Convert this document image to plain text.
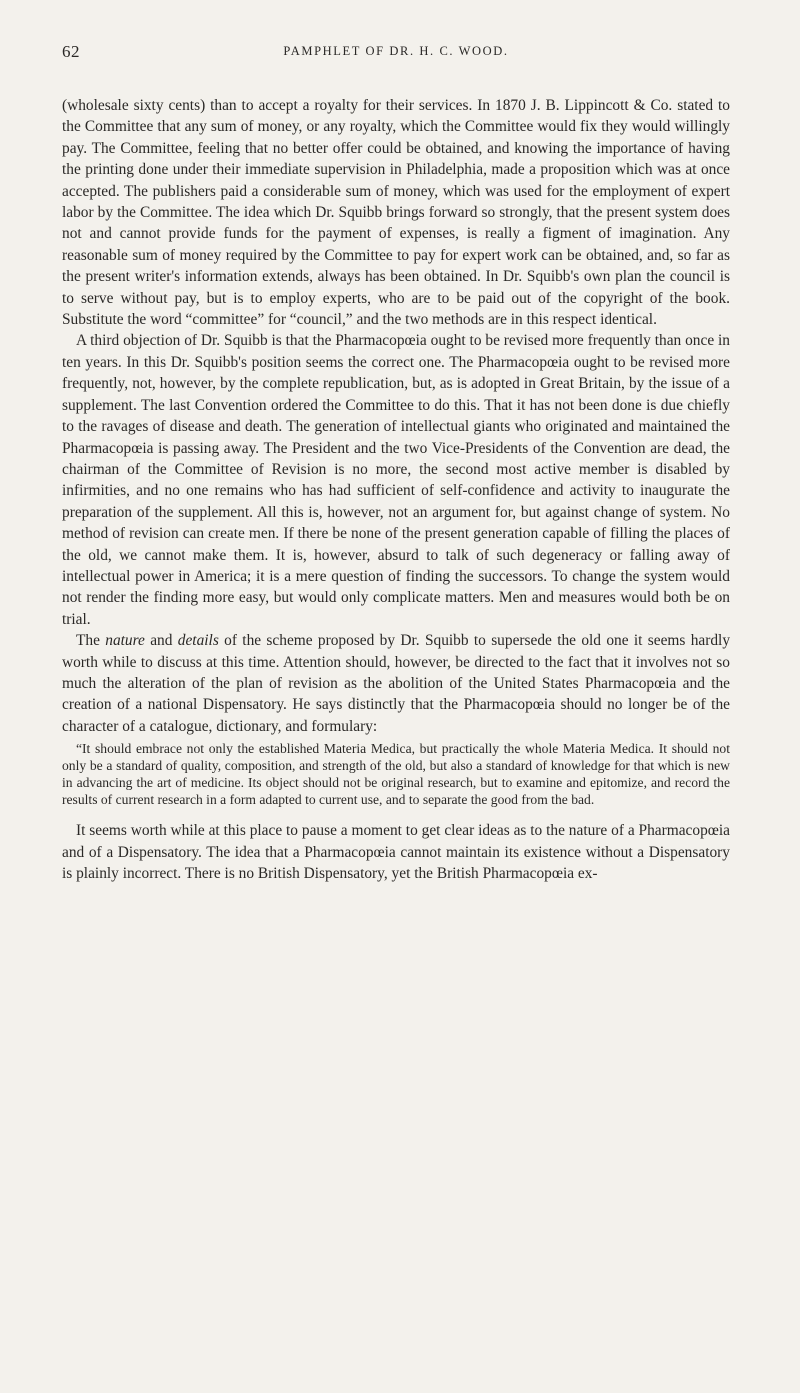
62	PAMPHLET OF DR. H. C. WOOD.

(wholesale sixty cents) than to accept a royalty for their services. In 1870 J. B. Lippincott & Co. stated to the Committee that any sum of money, or any royalty, which the Committee would fix they would willingly pay. The Committee, feeling that no better offer could be obtained, and knowing the importance of having the printing done under their immediate supervision in Philadelphia, made a proposition which was at once accepted. The publishers paid a considerable sum of money, which was used for the employment of expert labor by the Committee. The idea which Dr. Squibb brings forward so strongly, that the present system does not and cannot provide funds for the payment of expenses, is really a figment of imagination. Any reasonable sum of money required by the Committee to pay for expert work can be obtained, and, so far as the present writer's information extends, always has been obtained. In Dr. Squibb's own plan the council is to serve without pay, but is to employ experts, who are to be paid out of the copyright of the book. Substitute the word “committee” for “council,” and the two methods are in this respect identical.

A third objection of Dr. Squibb is that the Pharmacopœia ought to be revised more frequently than once in ten years. In this Dr. Squibb's position seems the correct one. The Pharmacopœia ought to be revised more frequently, not, however, by the complete republication, but, as is adopted in Great Britain, by the issue of a supplement. The last Convention ordered the Committee to do this. That it has not been done is due chiefly to the ravages of disease and death. The generation of intellectual giants who originated and maintained the Pharmacopœia is passing away. The President and the two Vice-Presidents of the Convention are dead, the chairman of the Committee of Revision is no more, the second most active member is disabled by infirmities, and no one remains who has had sufficient of self-confidence and activity to inaugurate the preparation of the supplement. All this is, however, not an argument for, but against change of system. No method of revision can create men. If there be none of the present generation capable of filling the places of the old, we cannot make them. It is, however, absurd to talk of such degeneracy or falling away of intellectual power in America; it is a mere question of finding the successors. To change the system would not render the finding more easy, but would only complicate matters. Men and measures would both be on trial.

The nature and details of the scheme proposed by Dr. Squibb to supersede the old one it seems hardly worth while to discuss at this time. Attention should, however, be directed to the fact that it involves not so much the alteration of the plan of revision as the abolition of the United States Pharmacopœia and the creation of a national Dispensatory. He says distinctly that the Pharmacopœia should no longer be of the character of a catalogue, dictionary, and formulary:

“It should embrace not only the established Materia Medica, but practically the whole Materia Medica. It should not only be a standard of quality, composition, and strength of the old, but also a standard of knowledge for that which is new in advancing the art of medicine. Its object should not be original research, but to examine and epitomize, and record the results of current research in a form adapted to current use, and to separate the good from the bad.

It seems worth while at this place to pause a moment to get clear ideas as to the nature of a Pharmacopœia and of a Dispensatory. The idea that a Pharmacopœia cannot maintain its existence without a Dispensatory is plainly incorrect. There is no British Dispensatory, yet the British Pharmacopœia ex-
